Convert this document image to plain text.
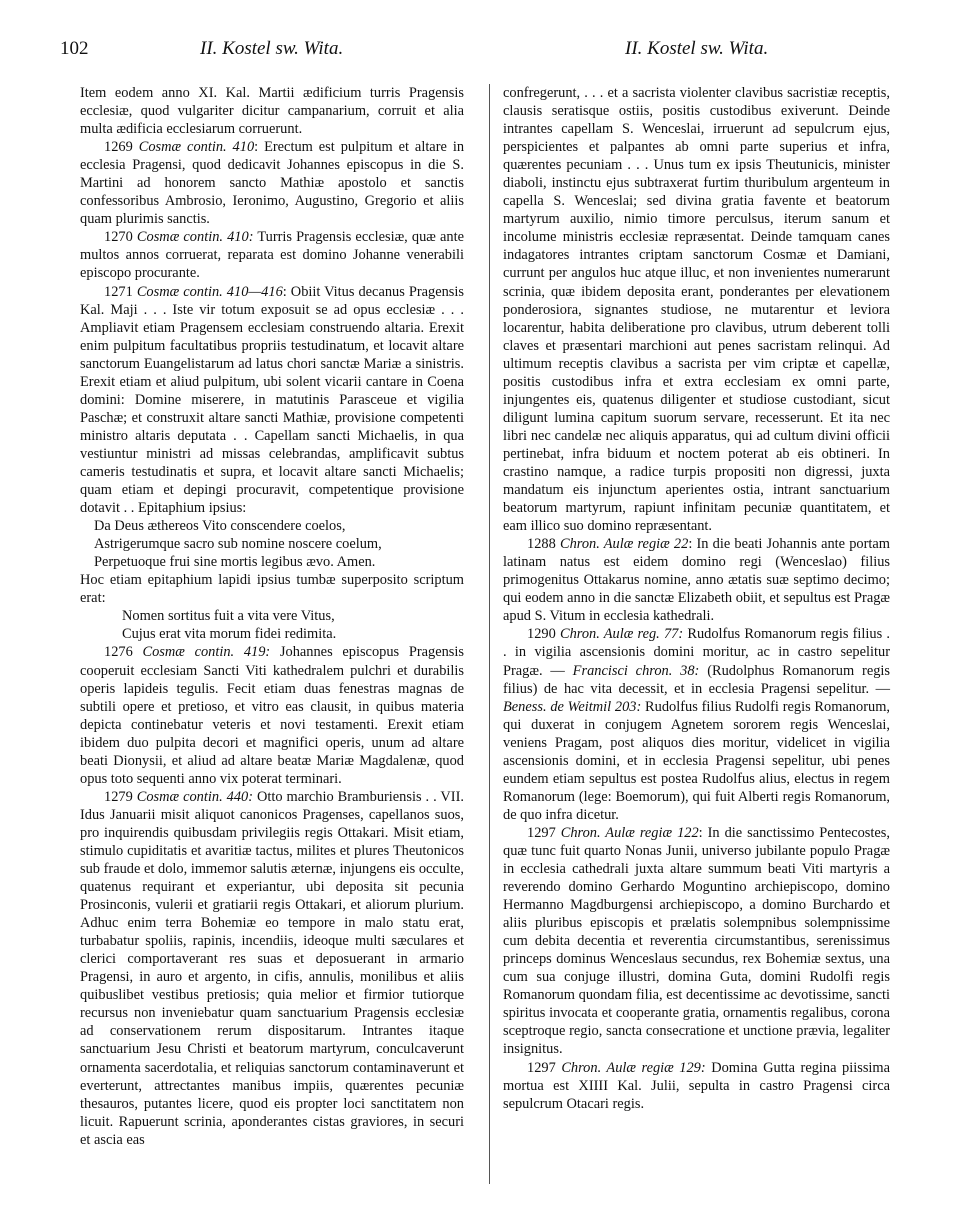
102	II. Kostel sw. Wita.	II. Kostel sw. Wita.

Item eodem anno XI. Kal. Martii ædificium turris Pragensis ecclesiæ, quod vulgariter dicitur campanarium, corruit et alia multa ædificia ecclesiarum corruerunt.

1269 Cosmæ contin. 410: Erectum est pulpitum et altare in ecclesia Pragensi, quod dedicavit Johannes episcopus in die S. Martini ad honorem sancto Mathiæ apostolo et sanctis confessoribus Ambrosio, Ieronimo, Augustino, Gregorio et aliis quam plurimis sanctis.

1270 Cosmæ contin. 410: Turris Pragensis ecclesiæ, quæ ante multos annos corruerat, reparata est domino Johanne venerabili episcopo procurante.

1271 Cosmæ contin. 410—416: Obiit Vitus decanus Pragensis Kal. Maji . . . Iste vir totum exposuit se ad opus ecclesiæ . . . Ampliavit etiam Pragensem ecclesiam construendo altaria. Erexit enim pulpitum facultatibus propriis testudinatum, et locavit altare sanctorum Euangelistarum ad latus chori sanctæ Mariæ a sinistris. Erexit etiam et aliud pulpitum, ubi solent vicarii cantare in Coena domini: Domine miserere, in matutinis Parasceue et vigilia Paschæ; et construxit altare sancti Mathiæ, provisione competenti ministro altaris deputata . . Capellam sancti Michaelis, in qua vestiuntur ministri ad missas celebrandas, amplificavit subtus cameris testudinatis et supra, et locavit altare sancti Michaelis; quam etiam et depingi procuravit, competentique provisione dotavit . . Epitaphium ipsius:

Da Deus æthereos Vito conscendere coelos,

Astrigerumque sacro sub nomine noscere coelum,

Perpetuoque frui sine mortis legibus ævo. Amen.

Hoc etiam epitaphium lapidi ipsius tumbæ superposito scriptum erat:

Nomen sortitus fuit a vita vere Vitus,

Cujus erat vita morum fidei redimita.

1276 Cosmæ contin. 419: Johannes episcopus Pragensis cooperuit ecclesiam Sancti Viti kathedralem pulchri et durabilis operis lapideis tegulis. Fecit etiam duas fenestras magnas de subtili opere et pretioso, et vitro eas clausit, in quibus materia depicta continebatur veteris et novi testamenti. Erexit etiam ibidem duo pulpita decori et magnifici operis, unum ad altare beati Dionysii, et aliud ad altare beatæ Mariæ Magdalenæ, quod opus toto sequenti anno vix poterat terminari.

1279 Cosmæ contin. 440: Otto marchio Bramburiensis . . VII. Idus Januarii misit aliquot canonicos Pragenses, capellanos suos, pro inquirendis quibusdam privilegiis regis Ottakari. Misit etiam, stimulo cupiditatis et avaritiæ tactus, milites et plures Theutonicos sub fraude et dolo, immemor salutis æternæ, injungens eis occulte, quatenus requirant et experiantur, ubi deposita sit pecunia Prosinconis, vulerii et gratiarii regis Ottakari, et aliorum plurium. Adhuc enim terra Bohemiæ eo tempore in malo statu erat, turbabatur spoliis, rapinis, incendiis, ideoque multi sæculares et clerici comportaverant res suas et deposuerant in armario Pragensi, in auro et argento, in cifis, annulis, monilibus et aliis quibuslibet vestibus pretiosis; quia melior et firmior tutiorque recursus non inveniebatur quam sanctuarium Pragensis ecclesiæ ad conservationem rerum dispositarum. Intrantes itaque sanctuarium Jesu Christi et beatorum martyrum, conculcaverunt ornamenta sacerdotalia, et reliquias sanctorum contaminaverunt et everterunt, attrectantes manibus impiis, quærentes pecuniæ thesauros, putantes licere, quod eis propter loci sanctitatem non licuit. Rapuerunt scrinia, aponderantes cistas graviores, in securi et ascia eas

confregerunt, . . . et a sacrista violenter clavibus sacristiæ receptis, clausis seratisque ostiis, positis custodibus exiverunt. Deinde intrantes capellam S. Wenceslai, irruerunt ad sepulcrum ejus, perspicientes et palpantes ab omni parte superius et infra, quærentes pecuniam . . . Unus tum ex ipsis Theutunicis, minister diaboli, instinctu ejus subtraxerat furtim thuribulum argenteum in capella S. Wenceslai; sed divina gratia favente et beatorum martyrum auxilio, nimio timore perculsus, iterum sanum et incolume ministris ecclesiæ repræsentat. Deinde tamquam canes indagatores intrantes criptam sanctorum Cosmæ et Damiani, currunt per angulos huc atque illuc, et non invenientes numerarunt scrinia, quæ ibidem deposita erant, ponderantes per elevationem ponderosiora, signantes studiose, ne mutarentur et leviora locarentur, habita deliberatione pro clavibus, utrum deberent tolli claves et præsentari marchioni aut penes sacristam relinqui. Ad ultimum receptis clavibus a sacrista per vim criptæ et capellæ, positis custodibus infra et extra ecclesiam ex omni parte, injungentes eis, quatenus diligenter et studiose custodiant, sicut diligunt lumina capitum suorum servare, recesserunt. Et ita nec libri nec candelæ nec aliquis apparatus, qui ad cultum divini officii pertinebat, infra biduum et noctem poterat ab eis obtineri. In crastino namque, a radice turpis propositi non digressi, juxta mandatum eis injunctum aperientes ostia, intrant sanctuarium beatorum martyrum, rapiunt infinitam pecuniæ quantitatem, et eam illico suo domino repræsentant.

1288 Chron. Aulæ regiæ 22: In die beati Johannis ante portam latinam natus est eidem domino regi (Wenceslao) filius primogenitus Ottakarus nomine, anno ætatis suæ septimo decimo; qui eodem anno in die sanctæ Elizabeth obiit, et sepultus est Pragæ apud S. Vitum in ecclesia kathedrali.

1290 Chron. Aulæ reg. 77: Rudolfus Romanorum regis filius . . in vigilia ascensionis domini moritur, ac in castro sepelitur Pragæ. — Francisci chron. 38: (Rudolphus Romanorum regis filius) de hac vita decessit, et in ecclesia Pragensi sepelitur. — Beness. de Weitmil 203: Rudolfus filius Rudolfi regis Romanorum, qui duxerat in conjugem Agnetem sororem regis Wenceslai, veniens Pragam, post aliquos dies moritur, videlicet in vigilia ascensionis domini, et in ecclesia Pragensi sepelitur, ubi penes eundem etiam sepultus est postea Rudolfus alius, electus in regem Romanorum (lege: Boemorum), qui fuit Alberti regis Romanorum, de quo infra dicetur.

1297 Chron. Aulæ regiæ 122: In die sanctissimo Pentecostes, quæ tunc fuit quarto Nonas Junii, universo jubilante populo Pragæ in ecclesia cathedrali juxta altare summum beati Viti martyris a reverendo domino Gerhardo Moguntino archiepiscopo, domino Hermanno Magdburgensi archiepiscopo, a domino Burchardo et aliis pluribus episcopis et prælatis solempnibus solempnissime cum debita decentia et reverentia circumstantibus, serenissimus princeps dominus Wenceslaus secundus, rex Bohemiæ sextus, una cum sua conjuge illustri, domina Guta, domini Rudolfi regis Romanorum quondam filia, est decentissime ac devotissime, sancti spiritus invocata et cooperante gratia, ornamentis regalibus, corona sceptroque regio, sancta consecratione et unctione prævia, legaliter insignitus.

1297 Chron. Aulæ regiæ 129: Domina Gutta regina piissima mortua est XIIII Kal. Julii, sepulta in castro Pragensi circa sepulcrum Otacari regis.
